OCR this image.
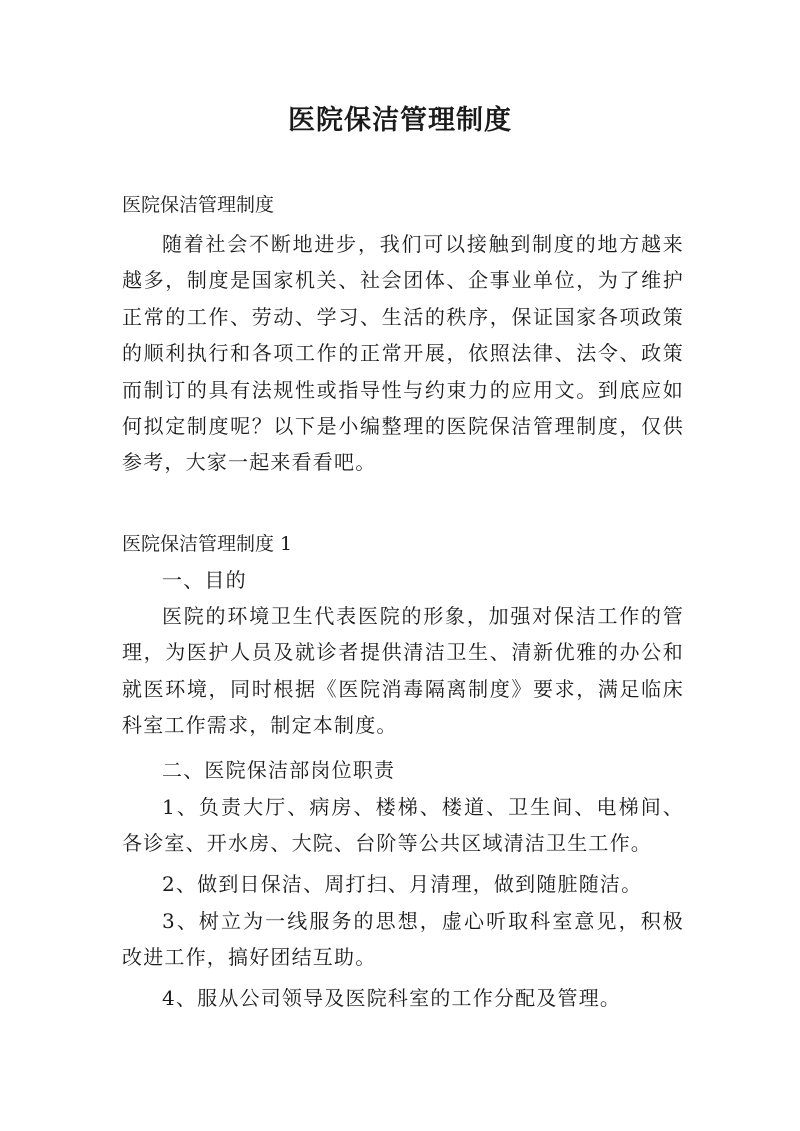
医院保洁管理制度

医院保洁管理制度

随着社会不断地进步，我们可以接触到制度的地方越来越多，制度是国家机关、社会团体、企事业单位，为了维护正常的工作、劳动、学习、生活的秩序，保证国家各项政策的顺利执行和各项工作的正常开展，依照法律、法令、政策而制订的具有法规性或指导性与约束力的应用文。到底应如何拟定制度呢？以下是小编整理的医院保洁管理制度，仅供参考，大家一起来看看吧。

医院保洁管理制度 1

一、目的

医院的环境卫生代表医院的形象，加强对保洁工作的管理，为医护人员及就诊者提供清洁卫生、清新优雅的办公和就医环境，同时根据《医院消毒隔离制度》要求，满足临床科室工作需求，制定本制度。

二、医院保洁部岗位职责

1、负责大厅、病房、楼梯、楼道、卫生间、电梯间、各诊室、开水房、大院、台阶等公共区域清洁卫生工作。

2、做到日保洁、周打扫、月清理，做到随脏随洁。

3、树立为一线服务的思想，虚心听取科室意见，积极改进工作，搞好团结互助。

4、服从公司领导及医院科室的工作分配及管理。
